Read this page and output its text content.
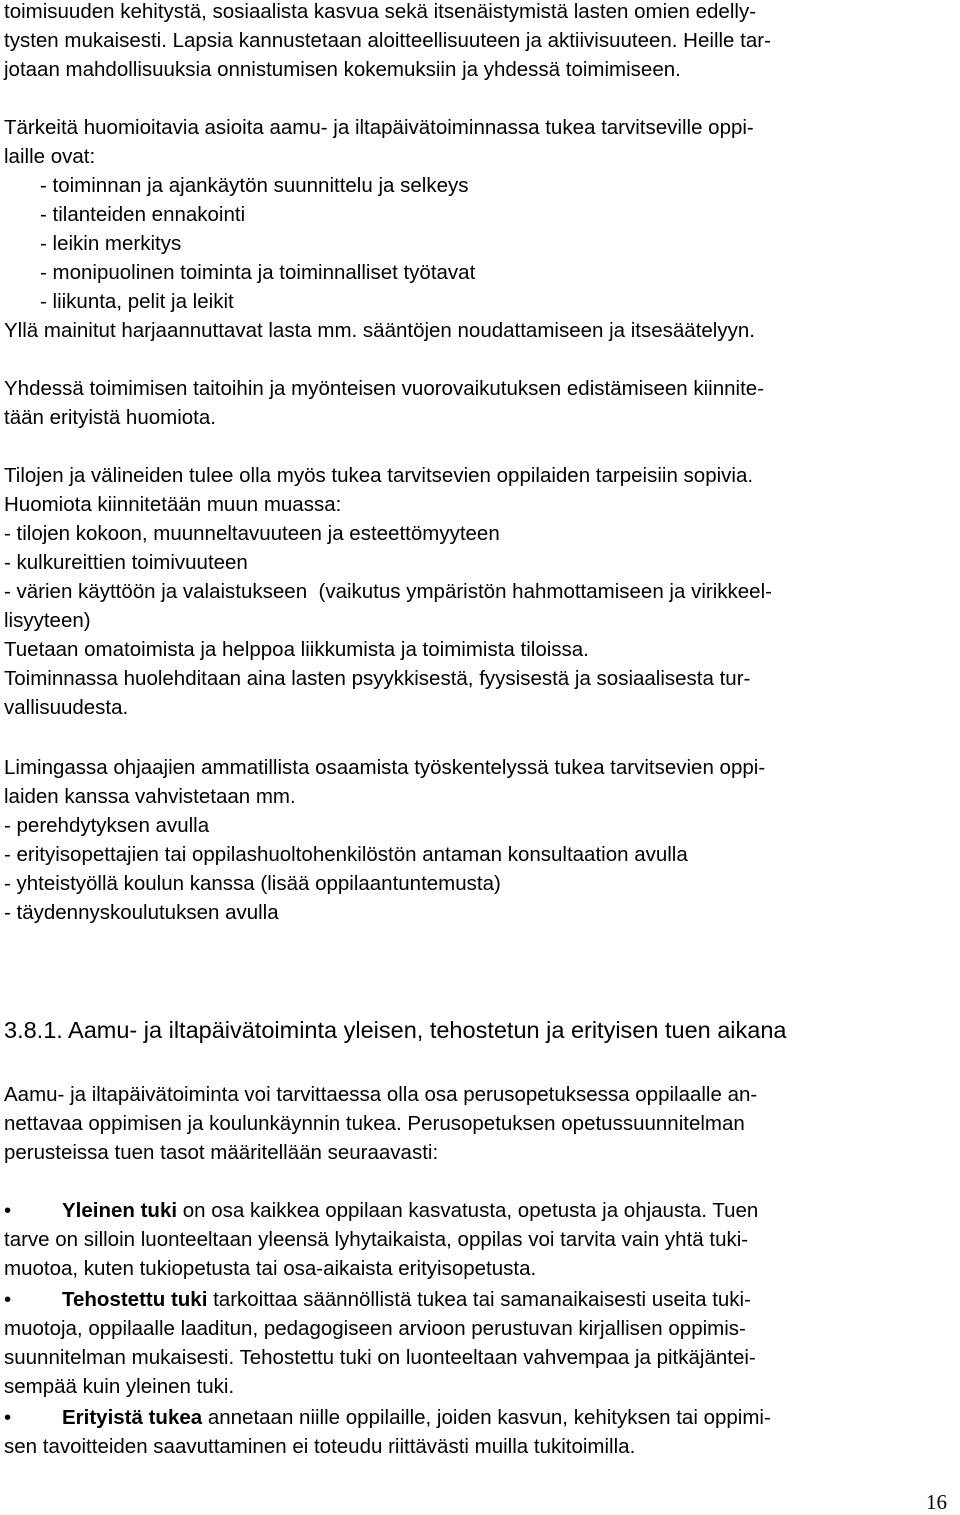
toimisuuden kehitystä, sosiaalista kasvua sekä itsenäistymistä lasten omien edelly-
tysten mukaisesti. Lapsia kannustetaan aloitteellisuuteen ja aktiivisuuteen. Heille tar-
jotaan mahdollisuuksia onnistumisen kokemuksiin ja yhdessä toimimiseen.
Tärkeitä huomioitavia asioita aamu- ja iltapäivätoiminnassa tukea tarvitseville oppi-
laille ovat:
- toiminnan ja ajankäytön suunnittelu ja selkeys
- tilanteiden ennakointi
- leikin merkitys
- monipuolinen toiminta ja toiminnalliset työtavat
- liikunta, pelit ja leikit
Yllä mainitut harjaannuttavat lasta mm. sääntöjen noudattamiseen ja itsesäätelyyn.
Yhdessä toimimisen taitoihin ja myönteisen vuorovaikutuksen edistämiseen kiinnite-
tään erityistä huomiota.
Tilojen ja välineiden tulee olla myös tukea tarvitsevien oppilaiden tarpeisiin sopivia.
Huomiota kiinnitetään muun muassa:
- tilojen kokoon, muunneltavuuteen ja esteettömyyteen
- kulkureittien toimivuuteen
- värien käyttöön ja valaistukseen  (vaikutus ympäristön hahmottamiseen ja virikkeel-
lisyyteen)
Tuetaan omatoimista ja helppoa liikkumista ja toimimista tiloissa.
Toiminnassa huolehditaan aina lasten psyykkisestä, fyysisestä ja sosiaalisesta tur-
vallisuudesta.
Limingassa ohjaajien ammatillista osaamista työskentelyssä tukea tarvitsevien oppi-
laiden kanssa vahvistetaan mm.
- perehdytyksen avulla
- erityisopettajien tai oppilashuoltohenkilöstön antaman konsultaation avulla
- yhteistyöllä koulun kanssa (lisää oppilaantuntemusta)
- täydennyskoulutuksen avulla
3.8.1. Aamu- ja iltapäivätoiminta yleisen, tehostetun ja erityisen tuen aikana
Aamu- ja iltapäivätoiminta voi tarvittaessa olla osa perusopetuksessa oppilaalle an-
nettavaa oppimisen ja koulunkäynnin tukea. Perusopetuksen opetussuunnitelman
perusteissa tuen tasot määritellään seuraavasti:
• Yleinen tuki on osa kaikkea oppilaan kasvatusta, opetusta ja ohjausta. Tuen
tarve on silloin luonteeltaan yleensä lyhytaikaista, oppilas voi tarvita vain yhtä tuki-
muotoa, kuten tukiopetusta tai osa-aikaista erityisopetusta.
• Tehostettu tuki tarkoittaa säännöllistä tukea tai samanaikaisesti useita tuki-
muotoja, oppilaalle laaditun, pedagogiseen arvioon perustuvan kirjallisen oppimis-
suunnitelman mukaisesti. Tehostettu tuki on luonteeltaan vahvempaa ja pitkäjäntei-
sempää kuin yleinen tuki.
• Erityistä tukea annetaan niille oppilaille, joiden kasvun, kehityksen tai oppimi-
sen tavoitteiden saavuttaminen ei toteudu riittävästi muilla tukitoimilla.
16
